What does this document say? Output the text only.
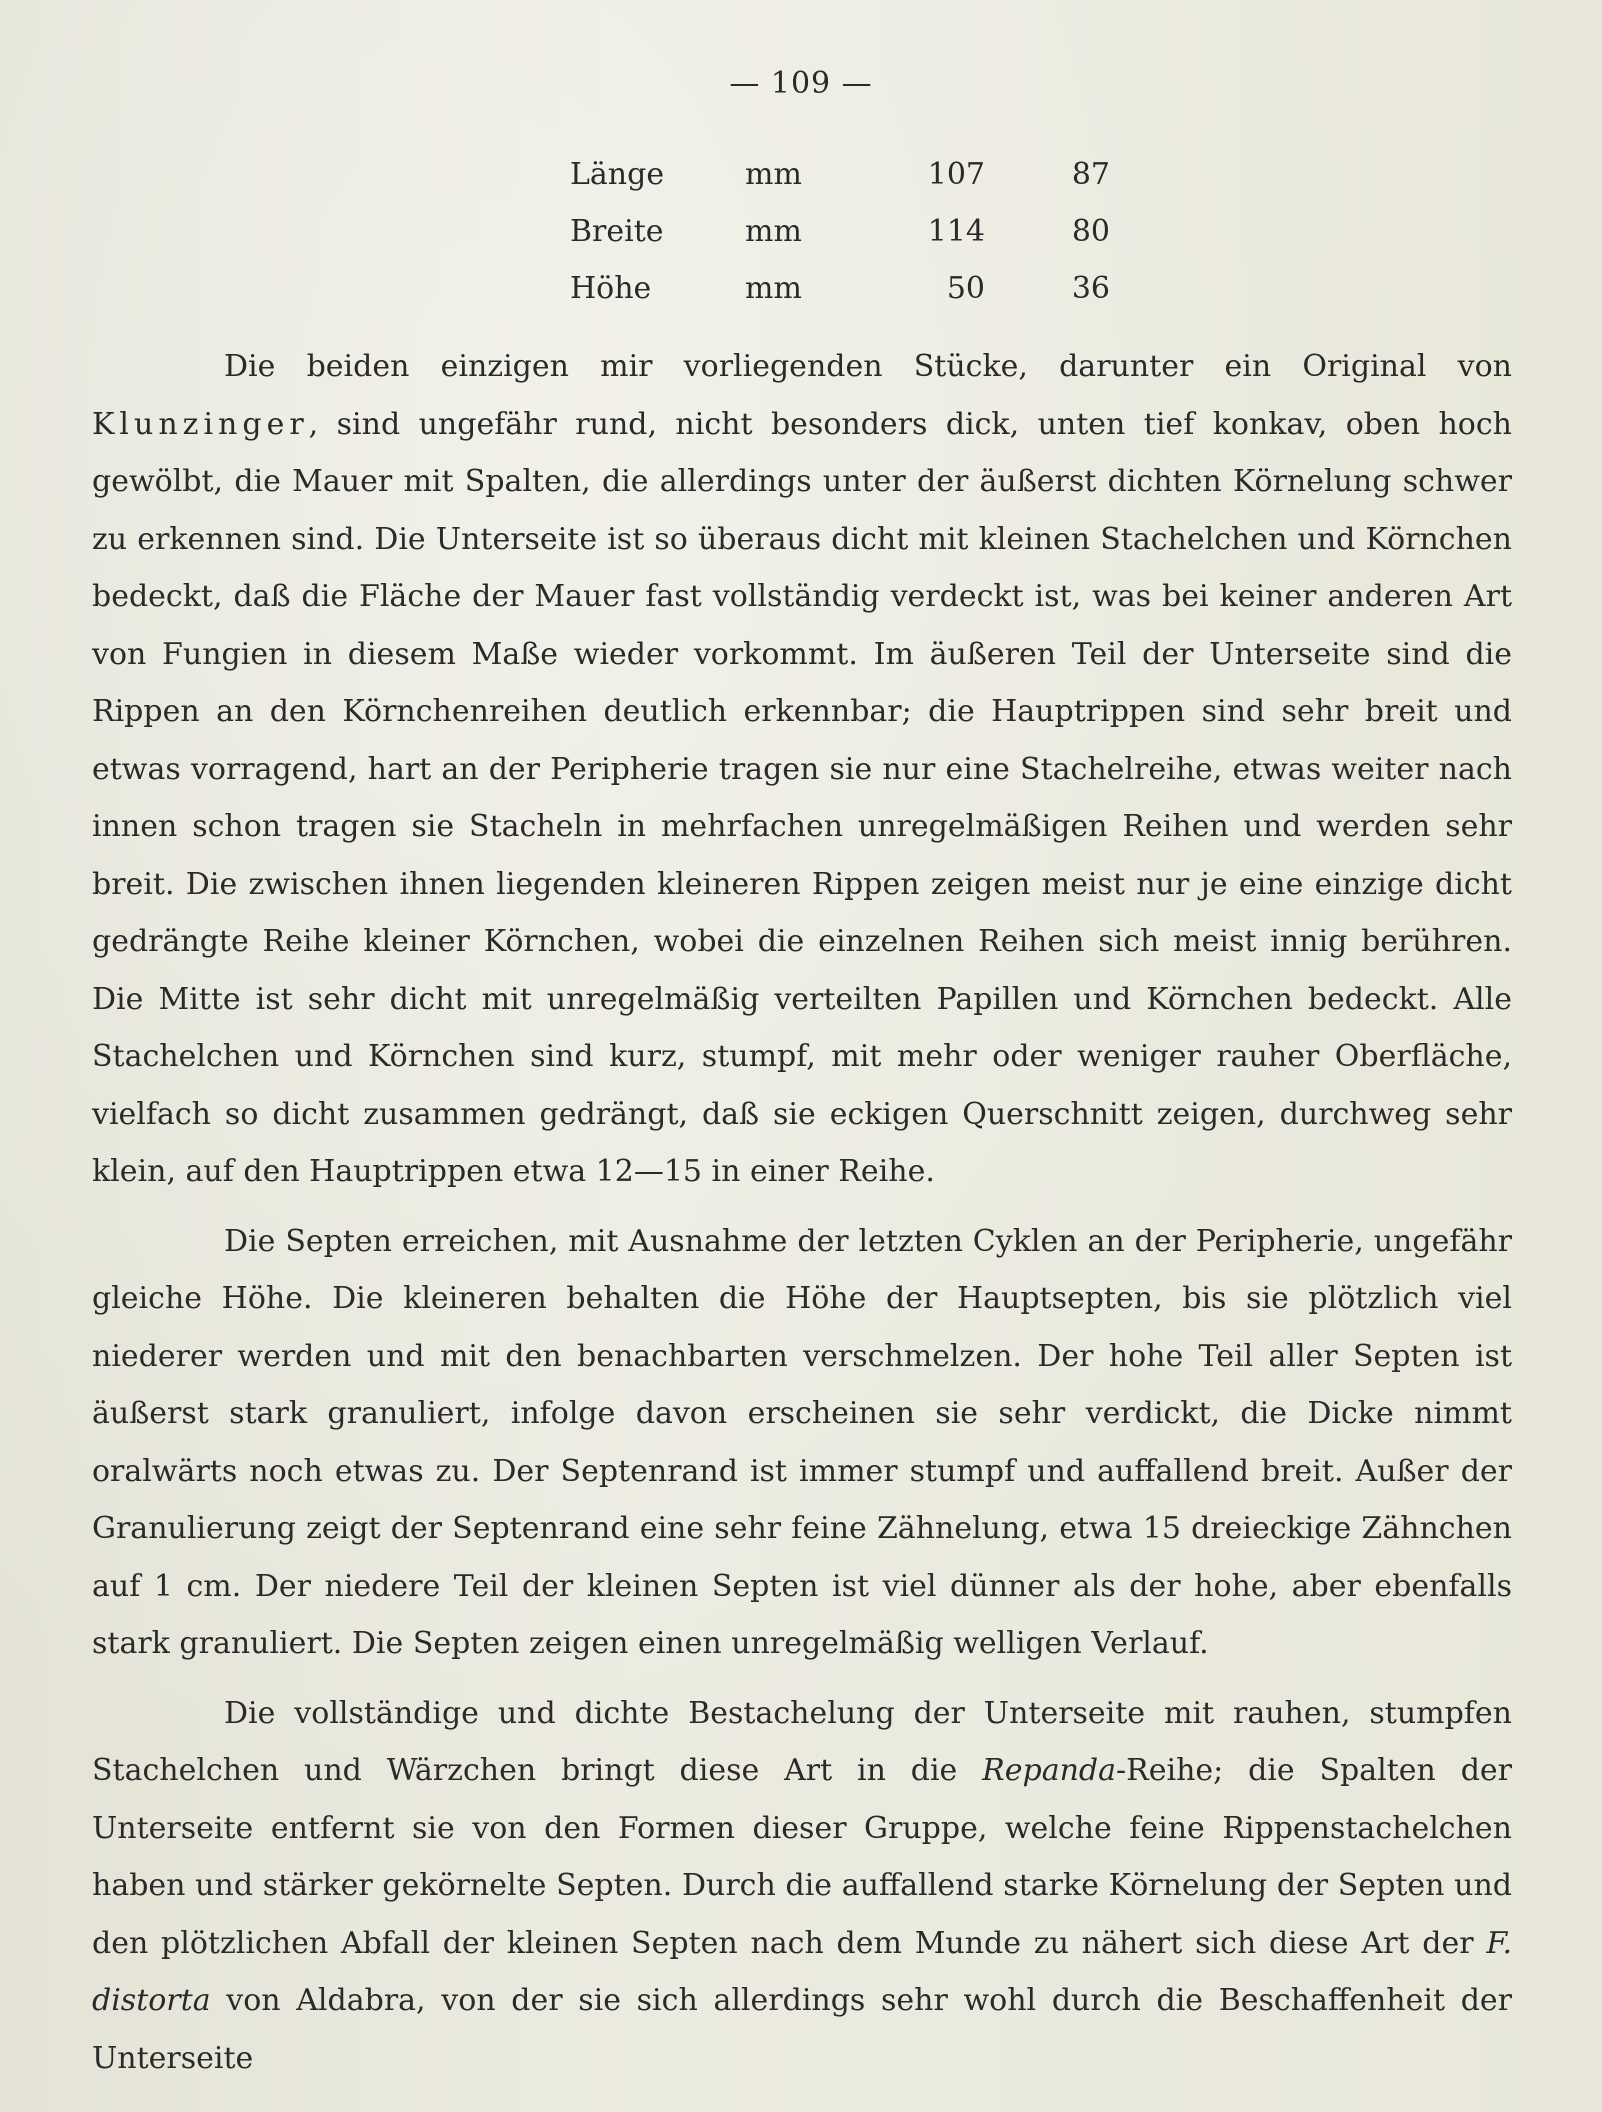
— 109 —
Länge	mm	107	87
Breite	mm	114	80
Höhe	mm	50	36

Die beiden einzigen mir vorliegenden Stücke, darunter ein Original von Klunzinger, sind ungefähr rund, nicht besonders dick, unten tief konkav, oben hoch gewölbt, die Mauer mit Spalten, die allerdings unter der äußerst dichten Körnelung schwer zu erkennen sind. Die Unterseite ist so überaus dicht mit kleinen Stachelchen und Körnchen bedeckt, daß die Fläche der Mauer fast vollständig verdeckt ist, was bei keiner anderen Art von Fungien in diesem Maße wieder vorkommt. Im äußeren Teil der Unterseite sind die Rippen an den Körnchenreihen deutlich erkennbar; die Hauptrippen sind sehr breit und etwas vorragend, hart an der Peripherie tragen sie nur eine Stachelreihe, etwas weiter nach innen schon tragen sie Stacheln in mehrfachen unregelmäßigen Reihen und werden sehr breit. Die zwischen ihnen liegenden kleineren Rippen zeigen meist nur je eine einzige dicht gedrängte Reihe kleiner Körnchen, wobei die einzelnen Reihen sich meist innig berühren. Die Mitte ist sehr dicht mit unregelmäßig verteilten Papillen und Körnchen bedeckt. Alle Stachelchen und Körnchen sind kurz, stumpf, mit mehr oder weniger rauher Oberfläche, vielfach so dicht zusammen gedrängt, daß sie eckigen Querschnitt zeigen, durchweg sehr klein, auf den Hauptrippen etwa 12—15 in einer Reihe.

Die Septen erreichen, mit Ausnahme der letzten Cyklen an der Peripherie, ungefähr gleiche Höhe. Die kleineren behalten die Höhe der Hauptsepten, bis sie plötzlich viel niederer werden und mit den benachbarten verschmelzen. Der hohe Teil aller Septen ist äußerst stark granuliert, infolge davon erscheinen sie sehr verdickt, die Dicke nimmt oralwärts noch etwas zu. Der Septenrand ist immer stumpf und auffallend breit. Außer der Granulierung zeigt der Septenrand eine sehr feine Zähnelung, etwa 15 dreieckige Zähnchen auf 1 cm. Der niedere Teil der kleinen Septen ist viel dünner als der hohe, aber ebenfalls stark granuliert. Die Septen zeigen einen unregelmäßig welligen Verlauf.

Die vollständige und dichte Bestachelung der Unterseite mit rauhen, stumpfen Stachelchen und Wärzchen bringt diese Art in die Repanda-Reihe; die Spalten der Unterseite entfernt sie von den Formen dieser Gruppe, welche feine Rippenstachelchen haben und stärker gekörnelte Septen. Durch die auffallend starke Körnelung der Septen und den plötzlichen Abfall der kleinen Septen nach dem Munde zu nähert sich diese Art der F. distorta von Aldabra, von der sie sich allerdings sehr wohl durch die Beschaffenheit der Unterseite
